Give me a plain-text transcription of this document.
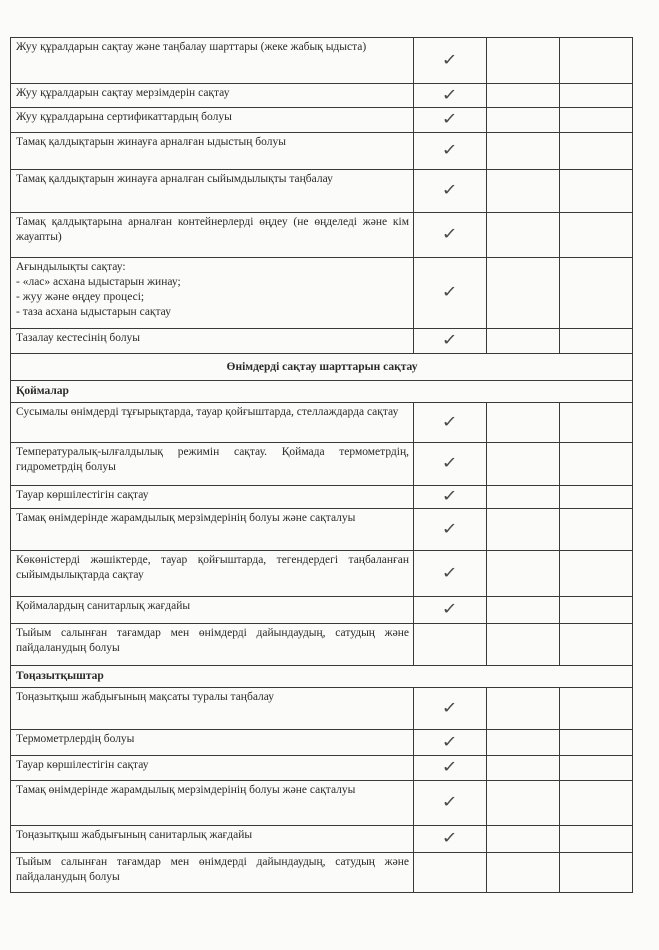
Жуу құралдарын сақтау және таңбалау шарттары (жеке жабық ыдыста)	✓		
Жуу құралдарын сақтау мерзімдерін сақтау	✓		
Жуу құралдарына сертификаттардың болуы	✓		
Тамақ қалдықтарын жинауға арналған ыдыстың болуы	✓		
Тамақ қалдықтарын жинауға арналған сыйымдылықты таңбалау	✓		
Тамақ қалдықтарына арналған контейнерлерді өңдеу (не өңделеді және кім жауапты)	✓		
Ағындылықты сақтау:
- «лас» асхана ыдыстарын жинау;
- жуу және өңдеу процесі;
- таза асхана ыдыстарын сақтау	✓		
Тазалау кестесінің болуы	✓		
Өнімдерді сақтау шарттарын сақтау			
Қоймалар			
Сусымалы өнімдерді тұғырықтарда, тауар қойғыштарда, стеллаждарда сақтау	✓		
Температуралық-ылғалдылық режимін сақтау. Қоймада термометрдің, гидрометрдің болуы	✓		
Тауар көршілестігін сақтау	✓		
Тамақ өнімдерінде жарамдылық мерзімдерінің болуы және сақталуы	✓		
Көкөністерді жәшіктерде, тауар қойғыштарда, тегендердегі таңбаланған сыйымдылықтарда сақтау	✓		
Қоймалардың санитарлық жағдайы	✓		
Тыйым салынған тағамдар мен өнімдерді дайындаудың, сатудың және пайдаланудың болуы			
Тоңазытқыштар			
Тоңазытқыш жабдығының мақсаты туралы таңбалау	✓		
Термометрлердің болуы	✓		
Тауар көршілестігін сақтау	✓		
Тамақ өнімдерінде жарамдылық мерзімдерінің болуы және сақталуы	✓		
Тоңазытқыш жабдығының санитарлық жағдайы	✓		
Тыйым салынған тағамдар мен өнімдерді дайындаудың, сатудың және пайдаланудың болуы			
